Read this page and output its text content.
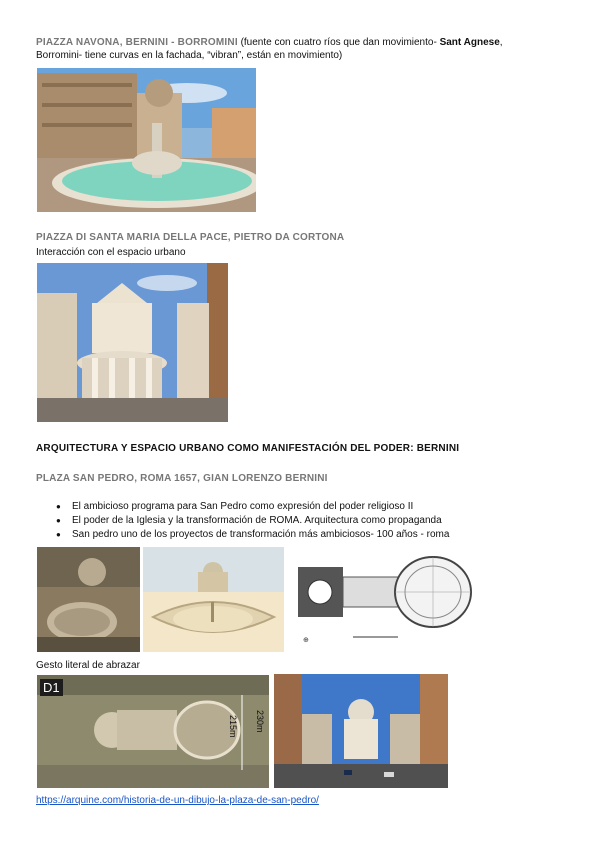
PIAZZA NAVONA, BERNINI - BORROMINI (fuente con cuatro ríos que dan movimiento- Sant Agnese,
Borromini- tiene curvas en la fachada, “vibran”, están en movimiento)
PIAZZA DI SANTA MARIA DELLA PACE, PIETRO DA CORTONA
Interacción con el espacio urbano
ARQUITECTURA Y ESPACIO URBANO COMO MANIFESTACIÓN DEL PODER: BERNINI
PLAZA SAN PEDRO, ROMA 1657, GIAN LORENZO BERNINI
● El ambicioso programa para San Pedro como expresión del poder religioso II
● El poder de la Iglesia y la transformación de ROMA. Arquitectura como propaganda
● San pedro uno de los proyectos de transformación más ambiciosos- 100 años - roma
⊕
Gesto literal de abrazar
D1
215m 230m
https://arquine.com/historia-de-un-dibujo-la-plaza-de-san-pedro/
